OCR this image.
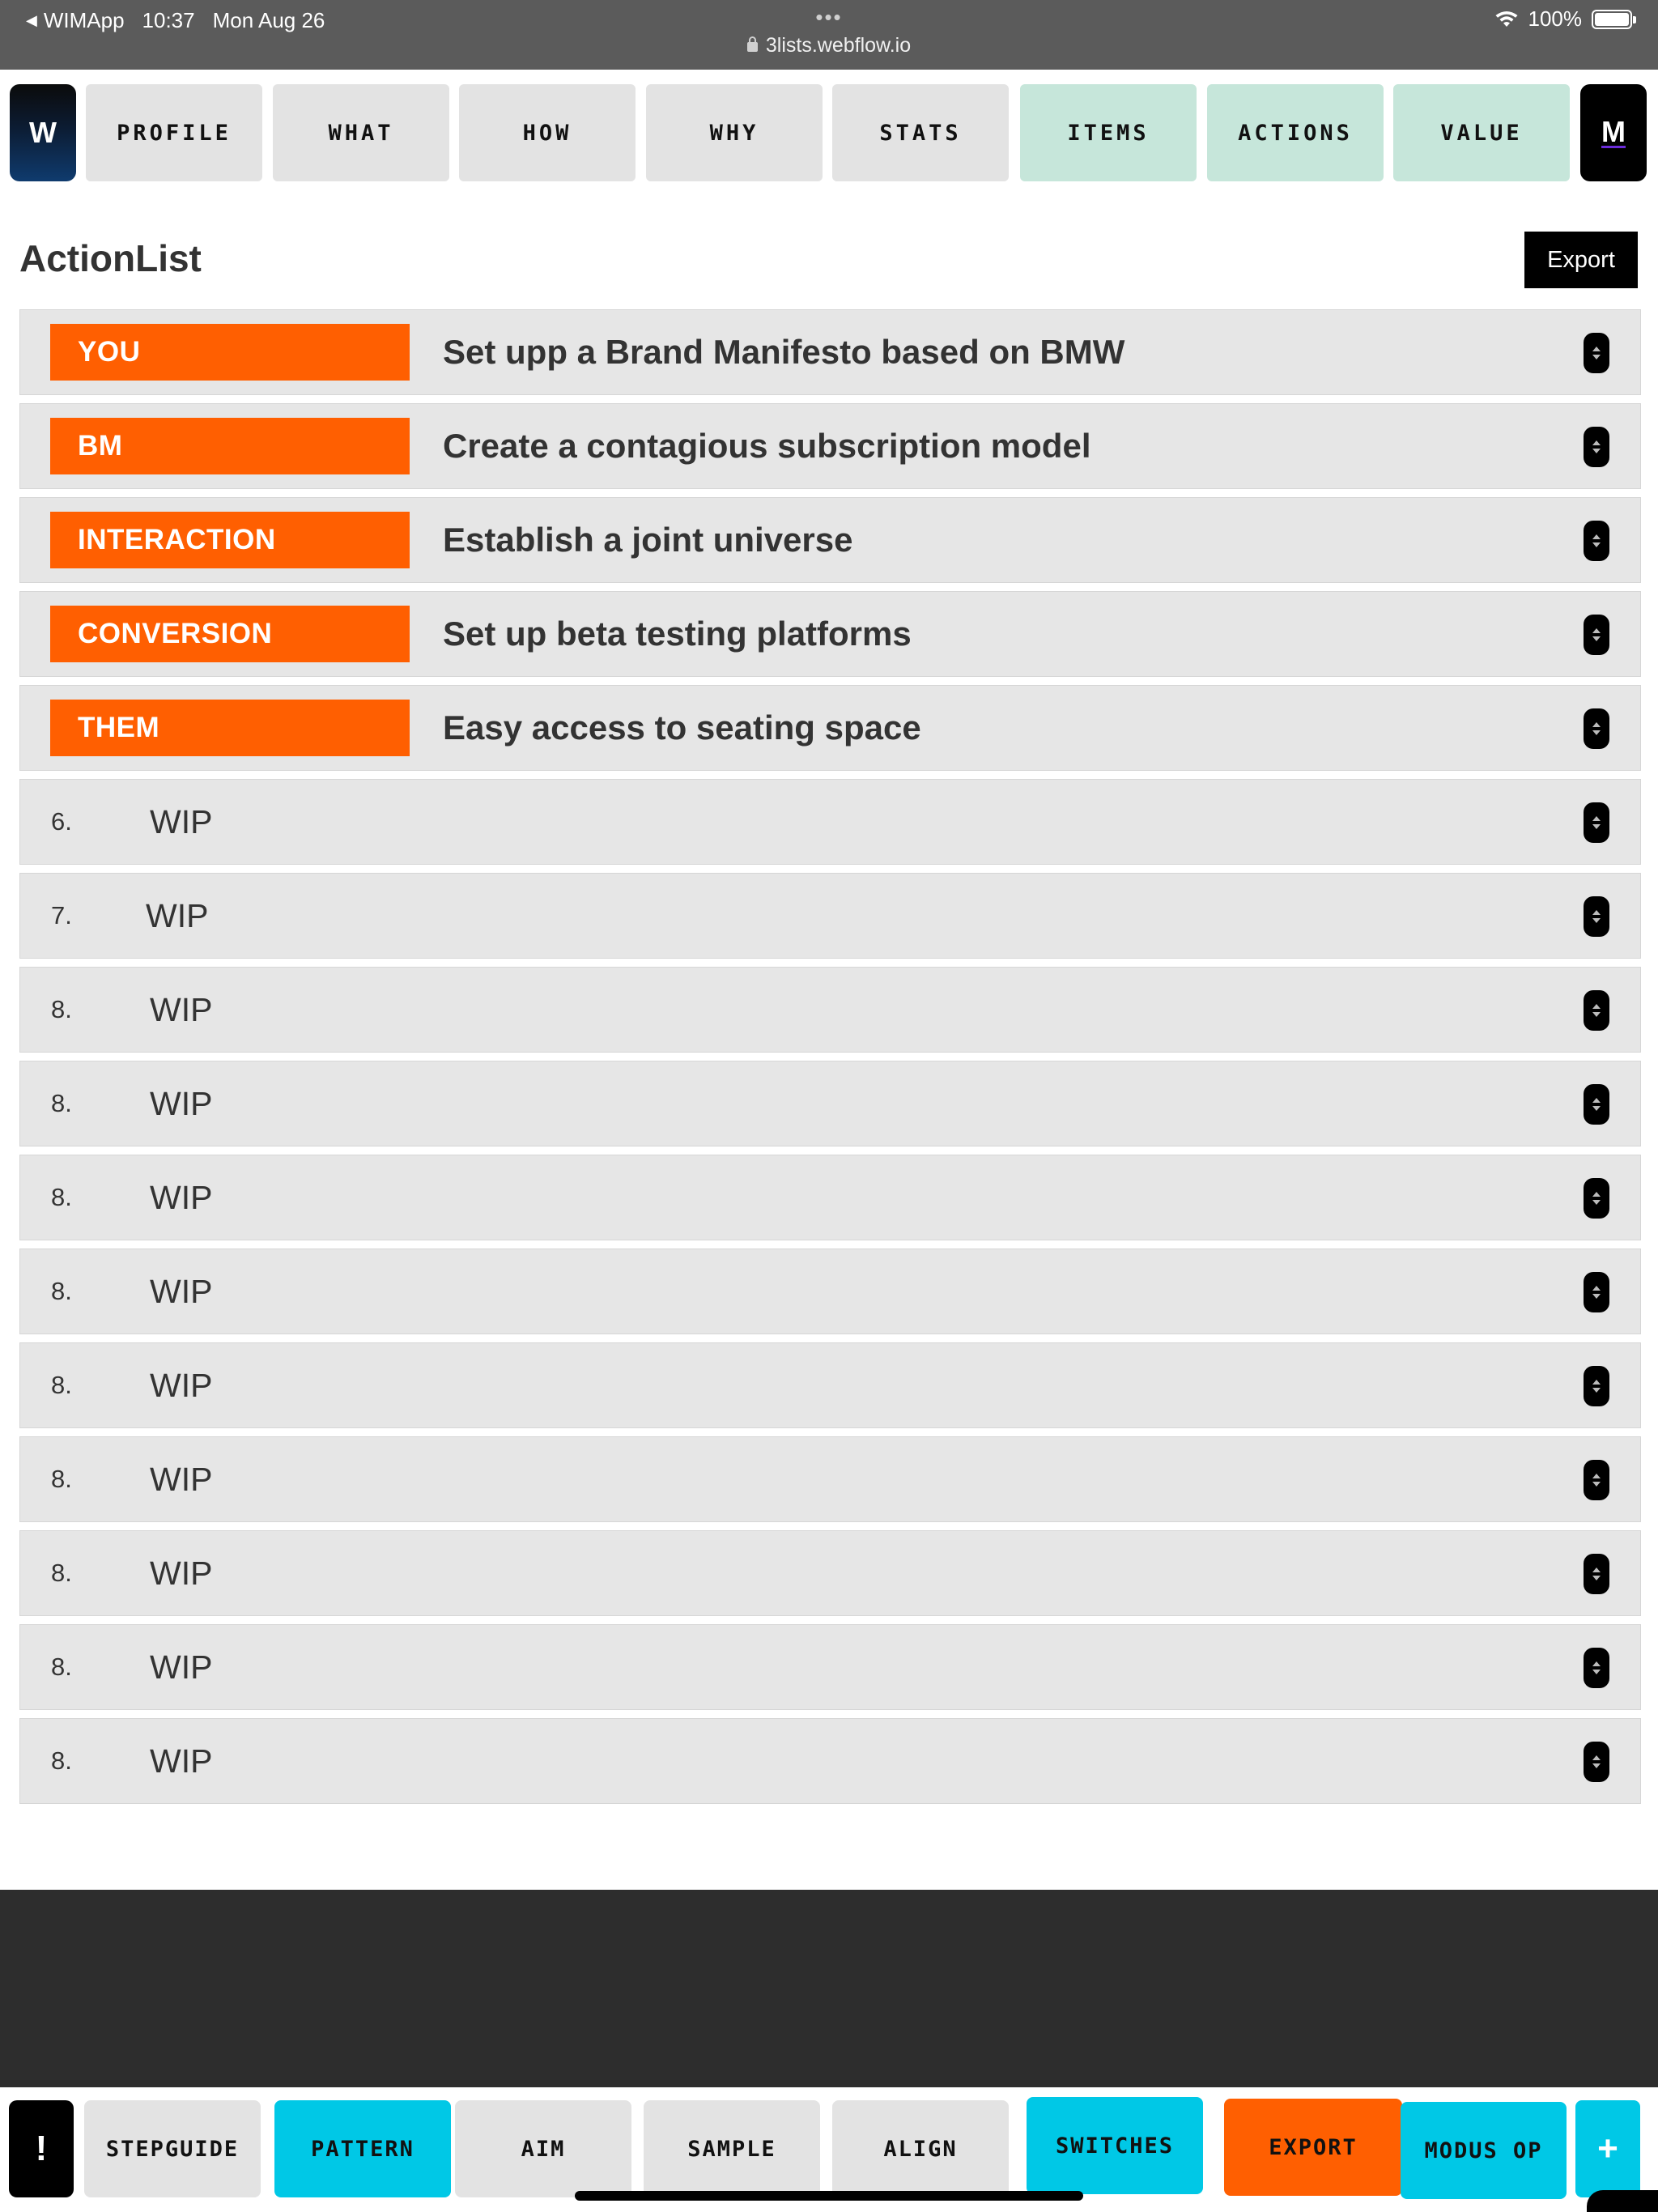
◀ WIMApp 10:37 Mon Aug 26	•••
3lists.webflow.io
100%
W	PROFILE	WHAT	HOW	WHY	STATS	ITEMS	ACTIONS	VALUE	M
ActionList	Export
YOU	Set upp a Brand Manifesto based on BMW
BM	Create a contagious subscription model
INTERACTION	Establish a joint universe
CONVERSION	Set up beta testing platforms
THEM	Easy access to seating space
6. WIP
7. WIP
8. WIP
8. WIP
8. WIP
8. WIP
8. WIP
8. WIP
8. WIP
8. WIP
8. WIP
!	STEPGUIDE	PATTERN	AIM	SAMPLE	ALIGN	SWITCHES	EXPORT	MODUS OP	+
